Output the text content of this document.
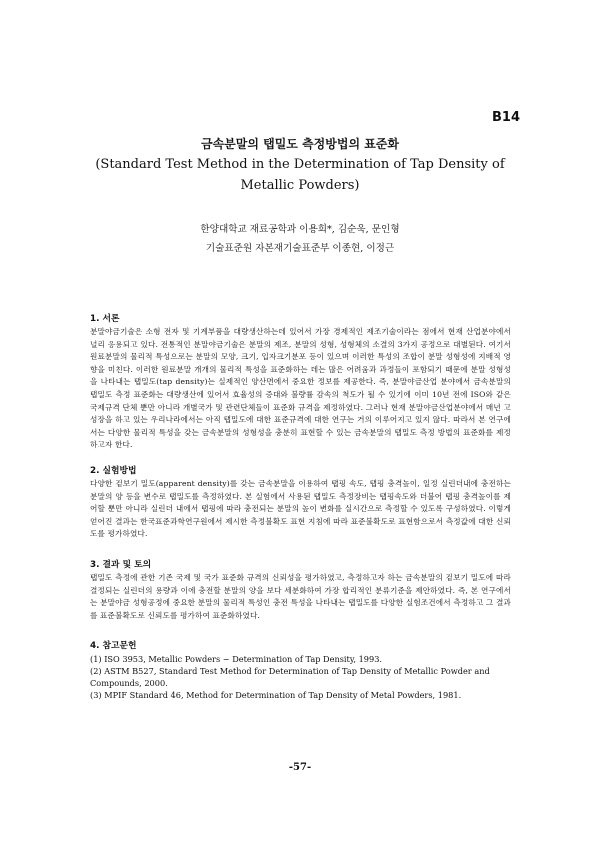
B14
금속분말의 탭밀도 측정방법의 표준화
(Standard Test Method in the Determination of Tap Density of Metallic Powders)
한양대학교 재료공학과 이용희*, 김순욱, 문인형
기술표준원 자본재기술표준부 이종현, 이정근
1. 서론
분말야금기술은 소형 전자 및 기계부품을 대량생산하는데 있어서 가장 경제적인 제조기술이라는 점에서 현재 산업분야에서 널리 응용되고 있다. 전통적인 분말야금기술은 분말의 제조, 분말의 성형, 성형체의 소결의 3가지 공정으로 대별된다. 여기서 원료분말의 물리적 특성으로는 분말의 모양, 크기, 입자크기분포 등이 있으며 이러한 특성의 조합이 분말 성형성에 지배적 영향을 미친다. 이러한 원료분말 개개의 물리적 특성을 표준화하는 데는 많은 어려움과 과정들이 포함되기 때문에 분말 성형성을 나타내는 탭밀도(tap density)는 실제적인 양산면에서 중요한 정보를 제공한다. 즉, 분말야금산업 분야에서 금속분말의 탭밀도 측정 표준화는 대량생산에 있어서 효율성의 증대와 불량률 감속의 척도가 될 수 있기에 이미 10년 전에 ISO와 같은 국제규격 단체 뿐만 아니라 개별국가 및 관련단체들이 표준화 규격을 제정하였다. 그러나 현재 분말야금산업분야에서 매년 고성장을 하고 있는 우리나라에서는 아직 탭밀도에 대한 표준규격에 대한 연구는 거의 이루어지고 있지 않다. 따라서 본 연구에서는 다양한 물리적 특성을 갖는 금속분말의 성형성을 충분히 표현할 수 있는 금속분말의 탭밀도 측정 방법의 표준화를 제정하고자 한다.
2. 실험방법
다양한 겉보기 밀도(apparent density)를 갖는 금속분말을 이용하여 탭핑 속도, 탭핑 충격높이, 일정 실린더내에 충전하는 분말의 양 등을 변수로 탭밀도를 측정하였다. 본 실험에서 사용된 탭밀도 측정장비는 탭핑속도와 더불어 탭핑 충격높이를 제어할 뿐만 아니라 실린더 내에서 탭핑에 따라 충전되는 분말의 높이 변화를 실시간으로 측정할 수 있도록 구성하였다. 이렇게 얻어진 결과는 한국표준과학연구원에서 제시한 측정불확도 표현 지침에 따라 표준불확도로 표현함으로서 측정값에 대한 신뢰도를 평가하였다.
3. 결과 및 토의
탭밀도 측정에 관한 기존 국제 및 국가 표준화 규격의 신뢰성을 평가하였고, 측정하고자 하는 금속분말의 겉보기 밀도에 따라 결정되는 실린더의 용량과 이에 충전할 분말의 양을 보다 세분화하여 가장 합리적인 분류기준을 제안하였다. 즉, 본 연구에서는 분말야금 성형공정에 중요한 분말의 물리적 특성인 충전 특성을 나타내는 탭밀도를 다양한 실험조건에서 측정하고 그 결과를 표준불확도로 신뢰도를 평가하여 표준화하였다.
4. 참고문헌
(1) ISO 3953, Metallic Powders − Determination of Tap Density, 1993.
(2) ASTM B527, Standard Test Method for Determination of Tap Density of Metallic Powder and Compounds, 2000.
(3) MPIF Standard 46, Method for Determination of Tap Density of Metal Powders, 1981.
-57-
